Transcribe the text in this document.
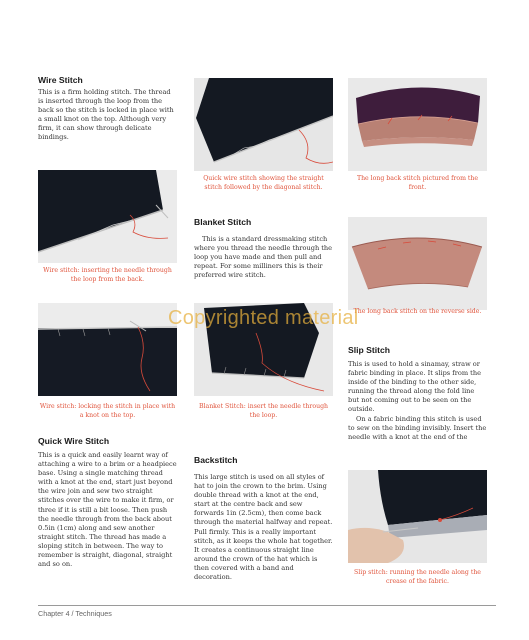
Wire Stitch

This is a firm holding stitch. The thread is inserted through the loop from the back so the stitch is locked in place with a small knot on the top. Although very firm, it can show through delicate bindings.

Wire stitch: inserting the needle through the loop from the back.
Wire stitch: locking the stitch in place with a knot on the top.
Quick Wire Stitch

This is a quick and easily learnt way of attaching a wire to a brim or a headpiece base. Using a single matching thread with a knot at the end, start just beyond the wire join and sew two straight stitches over the wire to make it firm, or three if it is still a bit loose. Then push the needle through from the back about 0.5in (1cm) along and sew another straight stitch. The thread has made a sloping stitch in between. The way to remember is straight, diagonal, straight and so on.

Quick wire stitch showing the straight stitch followed by the diagonal stitch.
Blanket Stitch

This is a standard dressmaking stitch where you thread the needle through the loop you have made and then pull and repeat. For some milliners this is their preferred wire stitch.

Blanket Stitch: insert the needle through the loop.
Backstitch

This large stitch is used on all styles of hat to join the crown to the brim. Using double thread with a knot at the end, start at the centre back and sew forwards 1in (2.5cm), then come back through the material halfway and repeat. Pull firmly. This is a really important stitch, as it keeps the whole hat together. It creates a continuous straight line around the crown of the hat which is then covered with a band and decoration.

The long back stitch pictured from the front.
The long back stitch on the reverse side.
Slip Stitch

This is used to hold a sinamay, straw or fabric binding in place. It slips from the inside of the binding to the other side, running the thread along the fold line but not coming out to be seen on the outside.

On a fabric binding this stitch is used to sew on the binding invisibly. Insert the needle with a knot at the end of the

Slip stitch: running the needle along the crease of the fabric.
Copyrighted material
Chapter 4 / Techniques
